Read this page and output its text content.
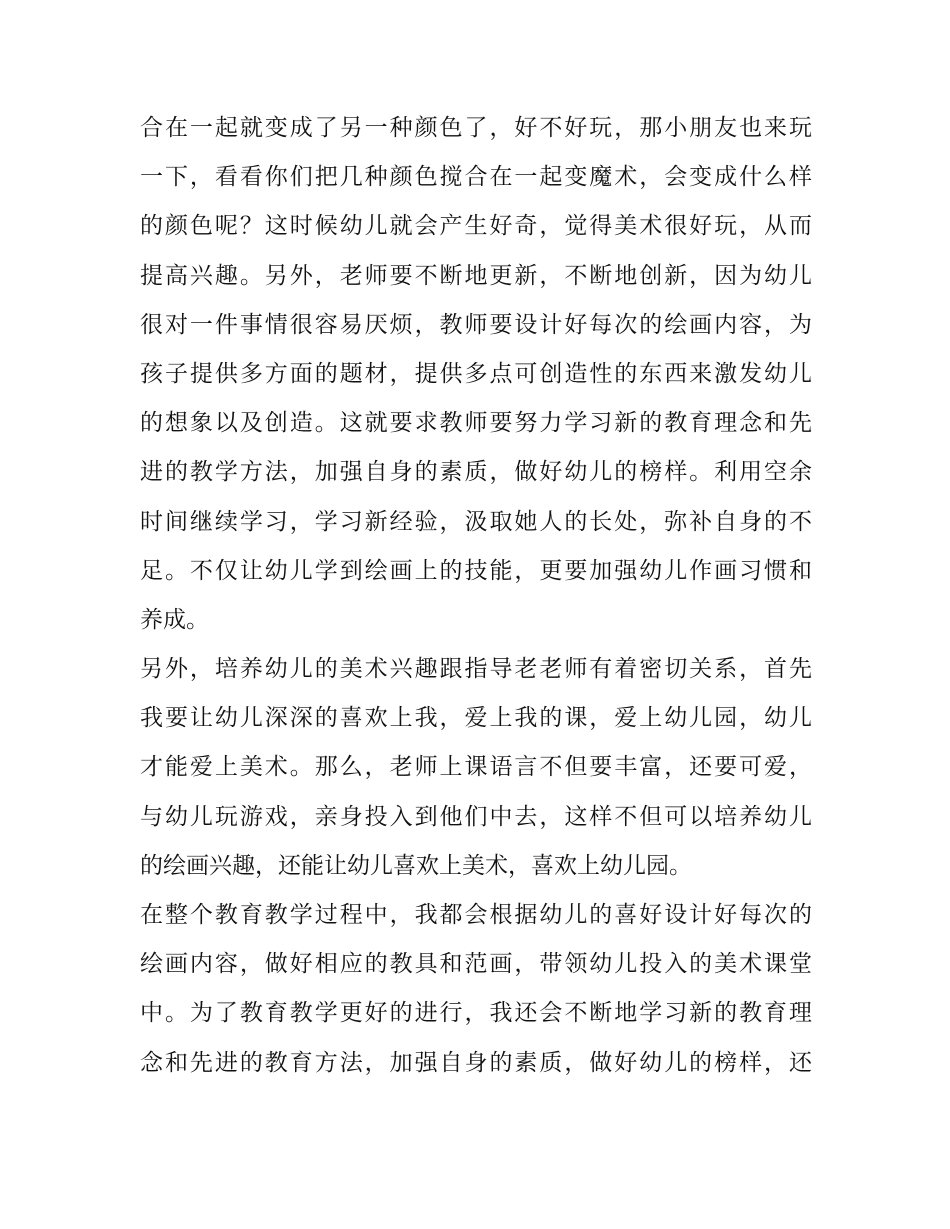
合在一起就变成了另一种颜色了，好不好玩，那小朋友也来玩
一下，看看你们把几种颜色搅合在一起变魔术，会变成什么样
的颜色呢？这时候幼儿就会产生好奇，觉得美术很好玩，从而
提高兴趣。另外，老师要不断地更新，不断地创新，因为幼儿
很对一件事情很容易厌烦，教师要设计好每次的绘画内容，为
孩子提供多方面的题材，提供多点可创造性的东西来激发幼儿
的想象以及创造。这就要求教师要努力学习新的教育理念和先
进的教学方法，加强自身的素质，做好幼儿的榜样。利用空余
时间继续学习，学习新经验，汲取她人的长处，弥补自身的不
足。不仅让幼儿学到绘画上的技能，更要加强幼儿作画习惯和
养成。
另外，培养幼儿的美术兴趣跟指导老老师有着密切关系，首先
我要让幼儿深深的喜欢上我，爱上我的课，爱上幼儿园，幼儿
才能爱上美术。那么，老师上课语言不但要丰富，还要可爱，
与幼儿玩游戏，亲身投入到他们中去，这样不但可以培养幼儿
的绘画兴趣，还能让幼儿喜欢上美术，喜欢上幼儿园。
在整个教育教学过程中，我都会根据幼儿的喜好设计好每次的
绘画内容，做好相应的教具和范画，带领幼儿投入的美术课堂
中。为了教育教学更好的进行，我还会不断地学习新的教育理
念和先进的教育方法，加强自身的素质，做好幼儿的榜样，还
